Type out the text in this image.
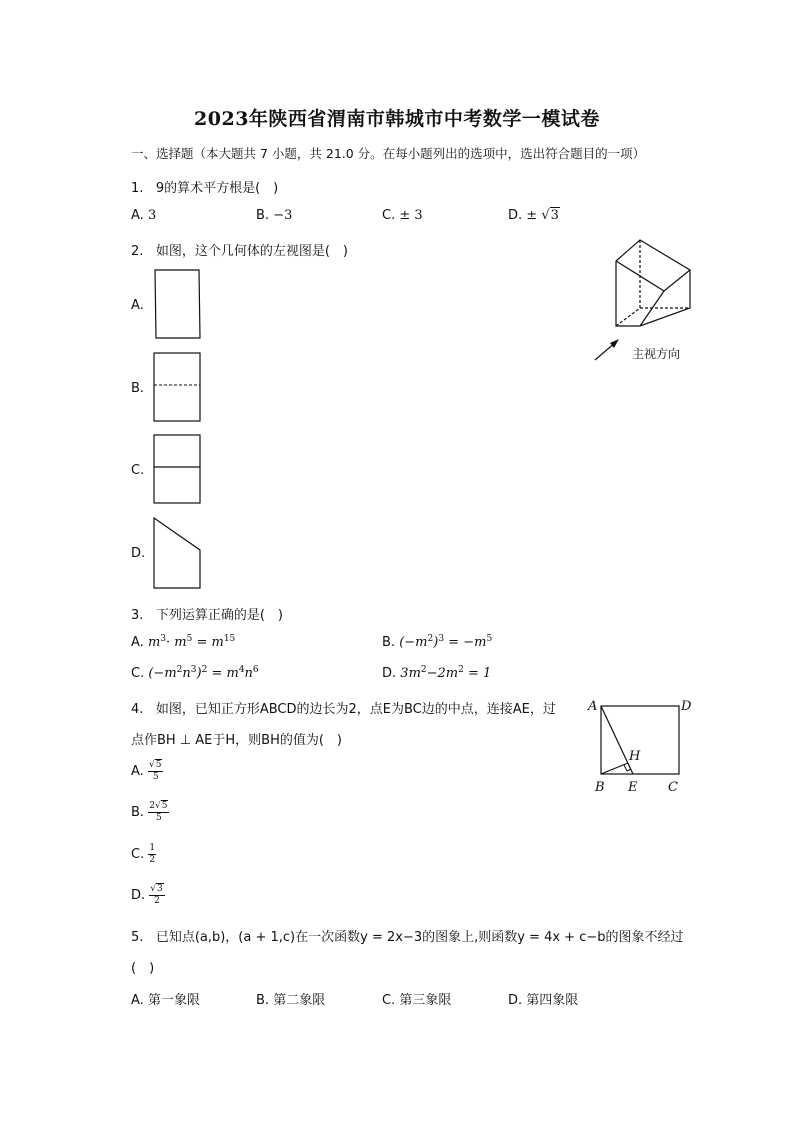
2023年陕西省渭南市韩城市中考数学一模试卷
一、选择题（本大题共 7 小题，共 21.0 分。在每小题列出的选项中，选出符合题目的一项）
1. 9的算术平方根是(　)
A. 3	B. −3	C. ± 3	D. ± √3
2. 如图，这个几何体的左视图是(　)
主视方向
A.
B.
C.
D.
3. 下列运算正确的是(　)
A. $m^3\cdot m^5 = m^{15}$	B. $(-m^2)^3 = -m^5$
C. $(-m^2n^3)^2 = m^4n^6$	D. $3m^2-2m^2 = 1$
4. 如图，已知正方形ABCD的边长为2，点E为BC边的中点，连接AE，过
点作BH ⊥ AE于H，则BH的值为(　)
A	D
B E C
H
A. $\frac{√5}{5}$
B. $\frac{2√5}{5}$
C. $\frac{1}{2}$
D. $\frac{√3}{2}$
5. 已知点(a,b)，(a + 1,c)在一次函数y = 2x−3的图象上,则函数y = 4x + c−b的图象不经过
(　)
A. 第一象限	B. 第二象限	C. 第三象限	D. 第四象限
